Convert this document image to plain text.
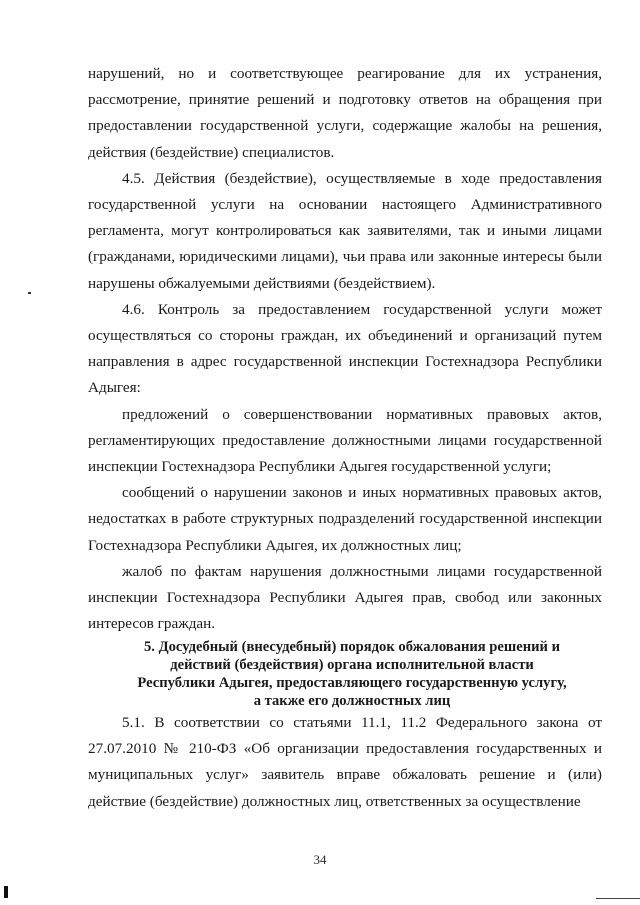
нарушений, но и соответствующее реагирование для их устранения, рассмотрение, принятие решений и подготовку ответов на обращения при предоставлении государственной услуги, содержащие жалобы на решения, действия (бездействие) специалистов.

4.5. Действия (бездействие), осуществляемые в ходе предоставления государственной услуги на основании настоящего Административного регламента, могут контролироваться как заявителями, так и иными лицами (гражданами, юридическими лицами), чьи права или законные интересы были нарушены обжалуемыми действиями (бездействием).

4.6. Контроль за предоставлением государственной услуги может осуществляться со стороны граждан, их объединений и организаций путем направления в адрес государственной инспекции Гостехнадзора Республики Адыгея:

предложений о совершенствовании нормативных правовых актов, регламентирующих предоставление должностными лицами государственной инспекции Гостехнадзора Республики Адыгея государственной услуги;

сообщений о нарушении законов и иных нормативных правовых актов, недостатках в работе структурных подразделений государственной инспекции Гостехнадзора Республики Адыгея, их должностных лиц;

жалоб по фактам нарушения должностными лицами государственной инспекции Гостехнадзора Республики Адыгея прав, свобод или законных интересов граждан.

5. Досудебный (внесудебный) порядок обжалования решений и
действий (бездействия) органа исполнительной власти
Республики Адыгея, предоставляющего государственную услугу,
а также его должностных лиц

5.1. В соответствии со статьями 11.1, 11.2 Федерального закона от 27.07.2010 № 210-ФЗ «Об организации предоставления государственных и муниципальных услуг» заявитель вправе обжаловать решение и (или) действие (бездействие) должностных лиц, ответственных за осуществление

34
